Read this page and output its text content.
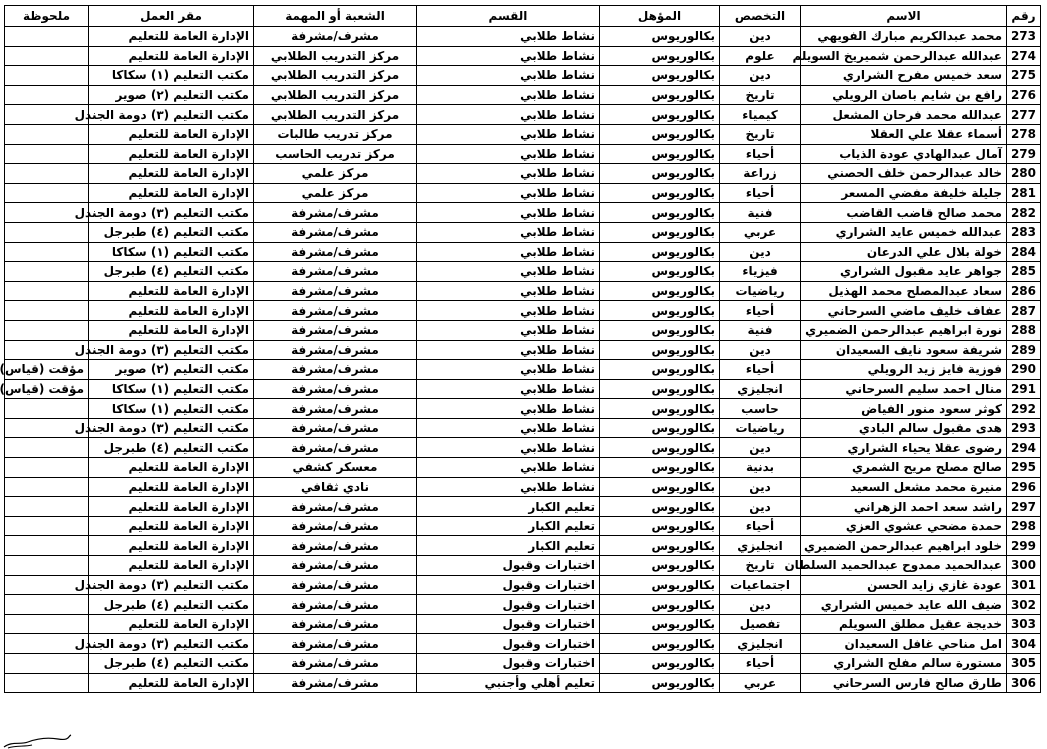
رقم	الاسم	التخصص	المؤهل	القسم	الشعبة أو المهمة	مقر العمل	ملحوظة
273	محمد عبدالكريم مبارك الفويهي	دين	بكالوريوس	نشاط طلابي	مشرف/مشرفة	الإدارة العامة للتعليم	
274	عبدالله عبدالرحمن شميريخ السويلم	علوم	بكالوريوس	نشاط طلابي	مركز التدريب الطلابي	الإدارة العامة للتعليم	
275	سعد خميس مفرح الشراري	دين	بكالوريوس	نشاط طلابي	مركز التدريب الطلابي	مكتب التعليم (١) سكاكا	
276	رافع بن شايم باصان الرويلي	تاريخ	بكالوريوس	نشاط طلابي	مركز التدريب الطلابي	مكتب التعليم (٢) صوير	
277	عبدالله محمد فرحان المشعل	كيمياء	بكالوريوس	نشاط طلابي	مركز التدريب الطلابي	مكتب التعليم (٣) دومة الجندل	
278	أسماء عقلا علي العقلا	تاريخ	بكالوريوس	نشاط طلابي	مركز تدريب طالبات	الإدارة العامة للتعليم	
279	آمال عبدالهادي عودة الذياب	أحياء	بكالوريوس	نشاط طلابي	مركز تدريب الحاسب	الإدارة العامة للتعليم	
280	خالد عبدالرحمن خلف الحصني	زراعة	بكالوريوس	نشاط طلابي	مركز علمي	الإدارة العامة للتعليم	
281	جليلة خليفة مفضي المسعر	أحياء	بكالوريوس	نشاط طلابي	مركز علمي	الإدارة العامة للتعليم	
282	محمد صالح قاضب القاضب	فنية	بكالوريوس	نشاط طلابي	مشرف/مشرفة	مكتب التعليم (٣) دومة الجندل	
283	عبدالله خميس عايد الشراري	عربي	بكالوريوس	نشاط طلابي	مشرف/مشرفة	مكتب التعليم (٤) طبرجل	
284	خولة بلال علي الدرعان	دين	بكالوريوس	نشاط طلابي	مشرف/مشرفة	مكتب التعليم (١) سكاكا	
285	جواهر عايد مقبول الشراري	فيزياء	بكالوريوس	نشاط طلابي	مشرف/مشرفة	مكتب التعليم (٤) طبرجل	
286	سعاد عبدالمصلح محمد الهذيل	رياضيات	بكالوريوس	نشاط طلابي	مشرف/مشرفة	الإدارة العامة للتعليم	
287	عفاف خليف ماضي السرحاني	أحياء	بكالوريوس	نشاط طلابي	مشرف/مشرفة	الإدارة العامة للتعليم	
288	نورة ابراهيم عبدالرحمن الضميري	فنية	بكالوريوس	نشاط طلابي	مشرف/مشرفة	الإدارة العامة للتعليم	
289	شريفة سعود نايف السعيدان	دين	بكالوريوس	نشاط طلابي	مشرف/مشرفة	مكتب التعليم (٣) دومة الجندل	
290	فوزية فايز زيد الرويلي	أحياء	بكالوريوس	نشاط طلابي	مشرف/مشرفة	مكتب التعليم (٢) صوير	مؤقت (قياس)
291	منال احمد سليم السرحاني	انجليزي	بكالوريوس	نشاط طلابي	مشرف/مشرفة	مكتب التعليم (١) سكاكا	مؤقت (قياس)
292	كوثر سعود منور الفياض	حاسب	بكالوريوس	نشاط طلابي	مشرف/مشرفة	مكتب التعليم (١) سكاكا	
293	هدى مقبول سالم البادي	رياضيات	بكالوريوس	نشاط طلابي	مشرف/مشرفة	مكتب التعليم (٣) دومة الجندل	
294	رضوى عقلا يحياء الشراري	دين	بكالوريوس	نشاط طلابي	مشرف/مشرفة	مكتب التعليم (٤) طبرجل	
295	صالح مصلح مريح الشمري	بدنية	بكالوريوس	نشاط طلابي	معسكر كشفي	الإدارة العامة للتعليم	
296	منيرة محمد مشعل السعيد	دين	بكالوريوس	نشاط طلابي	نادي ثقافي	الإدارة العامة للتعليم	
297	راشد سعد احمد الزهراني	دين	بكالوريوس	تعليم الكبار	مشرف/مشرفة	الإدارة العامة للتعليم	
298	حمدة مضحي عشوي العزي	أحياء	بكالوريوس	تعليم الكبار	مشرف/مشرفة	الإدارة العامة للتعليم	
299	خلود ابراهيم عبدالرحمن الضميري	انجليزي	بكالوريوس	تعليم الكبار	مشرف/مشرفة	الإدارة العامة للتعليم	
300	عبدالحميد ممدوح عبدالحميد السلطان	تاريخ	بكالوريوس	اختبارات وقبول	مشرف/مشرفة	الإدارة العامة للتعليم	
301	عودة غازي زايد الحسن	اجتماعيات	بكالوريوس	اختبارات وقبول	مشرف/مشرفة	مكتب التعليم (٣) دومة الجندل	
302	ضيف الله عايد خميس الشراري	دين	بكالوريوس	اختبارات وقبول	مشرف/مشرفة	مكتب التعليم (٤) طبرجل	
303	خديجة عقيل مطلق السويلم	تفصيل	بكالوريوس	اختبارات وقبول	مشرف/مشرفة	الإدارة العامة للتعليم	
304	امل مناحي غافل السعيدان	انجليزي	بكالوريوس	اختبارات وقبول	مشرف/مشرفة	مكتب التعليم (٣) دومة الجندل	
305	مستورة سالم مفلح الشراري	أحياء	بكالوريوس	اختبارات وقبول	مشرف/مشرفة	مكتب التعليم (٤) طبرجل	
306	طارق صالح فارس السرحاني	عربي	بكالوريوس	تعليم أهلي وأجنبي	مشرف/مشرفة	الإدارة العامة للتعليم	
